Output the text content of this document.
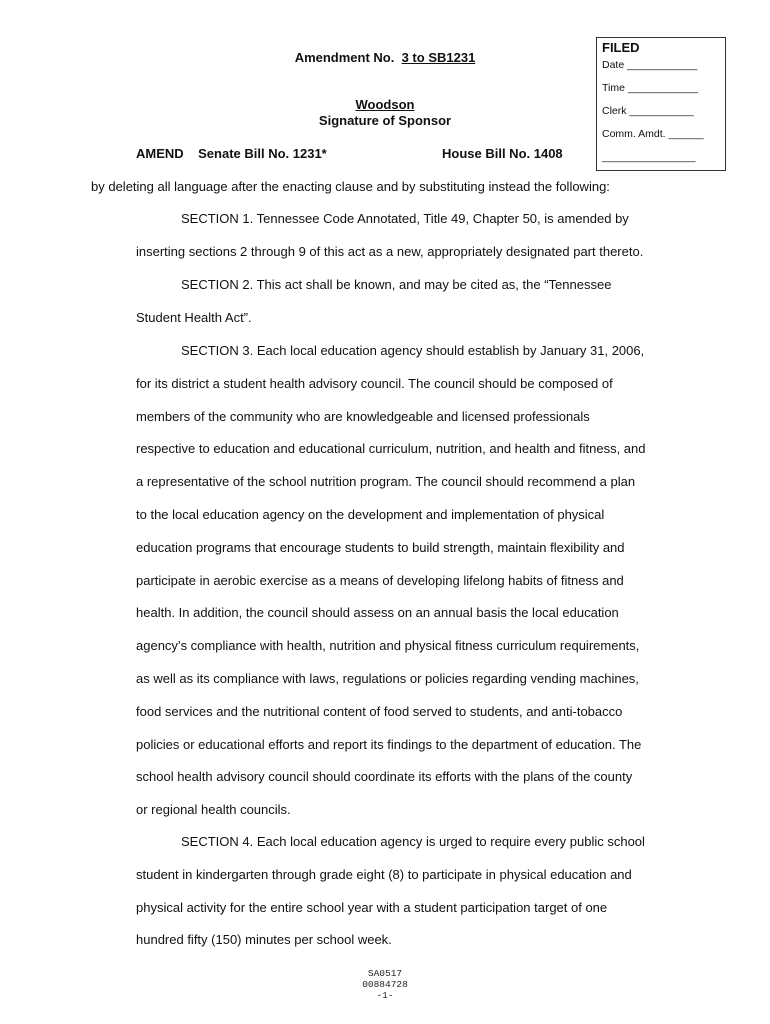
Amendment No. 3 to SB1231
Woodson
Signature of Sponsor
AMEND Senate Bill No. 1231*	House Bill No. 1408
FILED
Date ____________
Time ____________
Clerk ___________
Comm. Amdt. ______
________________
by deleting all language after the enacting clause and by substituting instead the following:
SECTION 1. Tennessee Code Annotated, Title 49, Chapter 50, is amended by
inserting sections 2 through 9 of this act as a new, appropriately designated part thereto.
SECTION 2. This act shall be known, and may be cited as, the “Tennessee
Student Health Act”.
SECTION 3. Each local education agency should establish by January 31, 2006,
for its district a student health advisory council. The council should be composed of
members of the community who are knowledgeable and licensed professionals
respective to education and educational curriculum, nutrition, and health and fitness, and
a representative of the school nutrition program. The council should recommend a plan
to the local education agency on the development and implementation of physical
education programs that encourage students to build strength, maintain flexibility and
participate in aerobic exercise as a means of developing lifelong habits of fitness and
health. In addition, the council should assess on an annual basis the local education
agency’s compliance with health, nutrition and physical fitness curriculum requirements,
as well as its compliance with laws, regulations or policies regarding vending machines,
food services and the nutritional content of food served to students, and anti-tobacco
policies or educational efforts and report its findings to the department of education. The
school health advisory council should coordinate its efforts with the plans of the county
or regional health councils.
SECTION 4. Each local education agency is urged to require every public school
student in kindergarten through grade eight (8) to participate in physical education and
physical activity for the entire school year with a student participation target of one
hundred fifty (150) minutes per school week.
SA0517
00884728
-1-
